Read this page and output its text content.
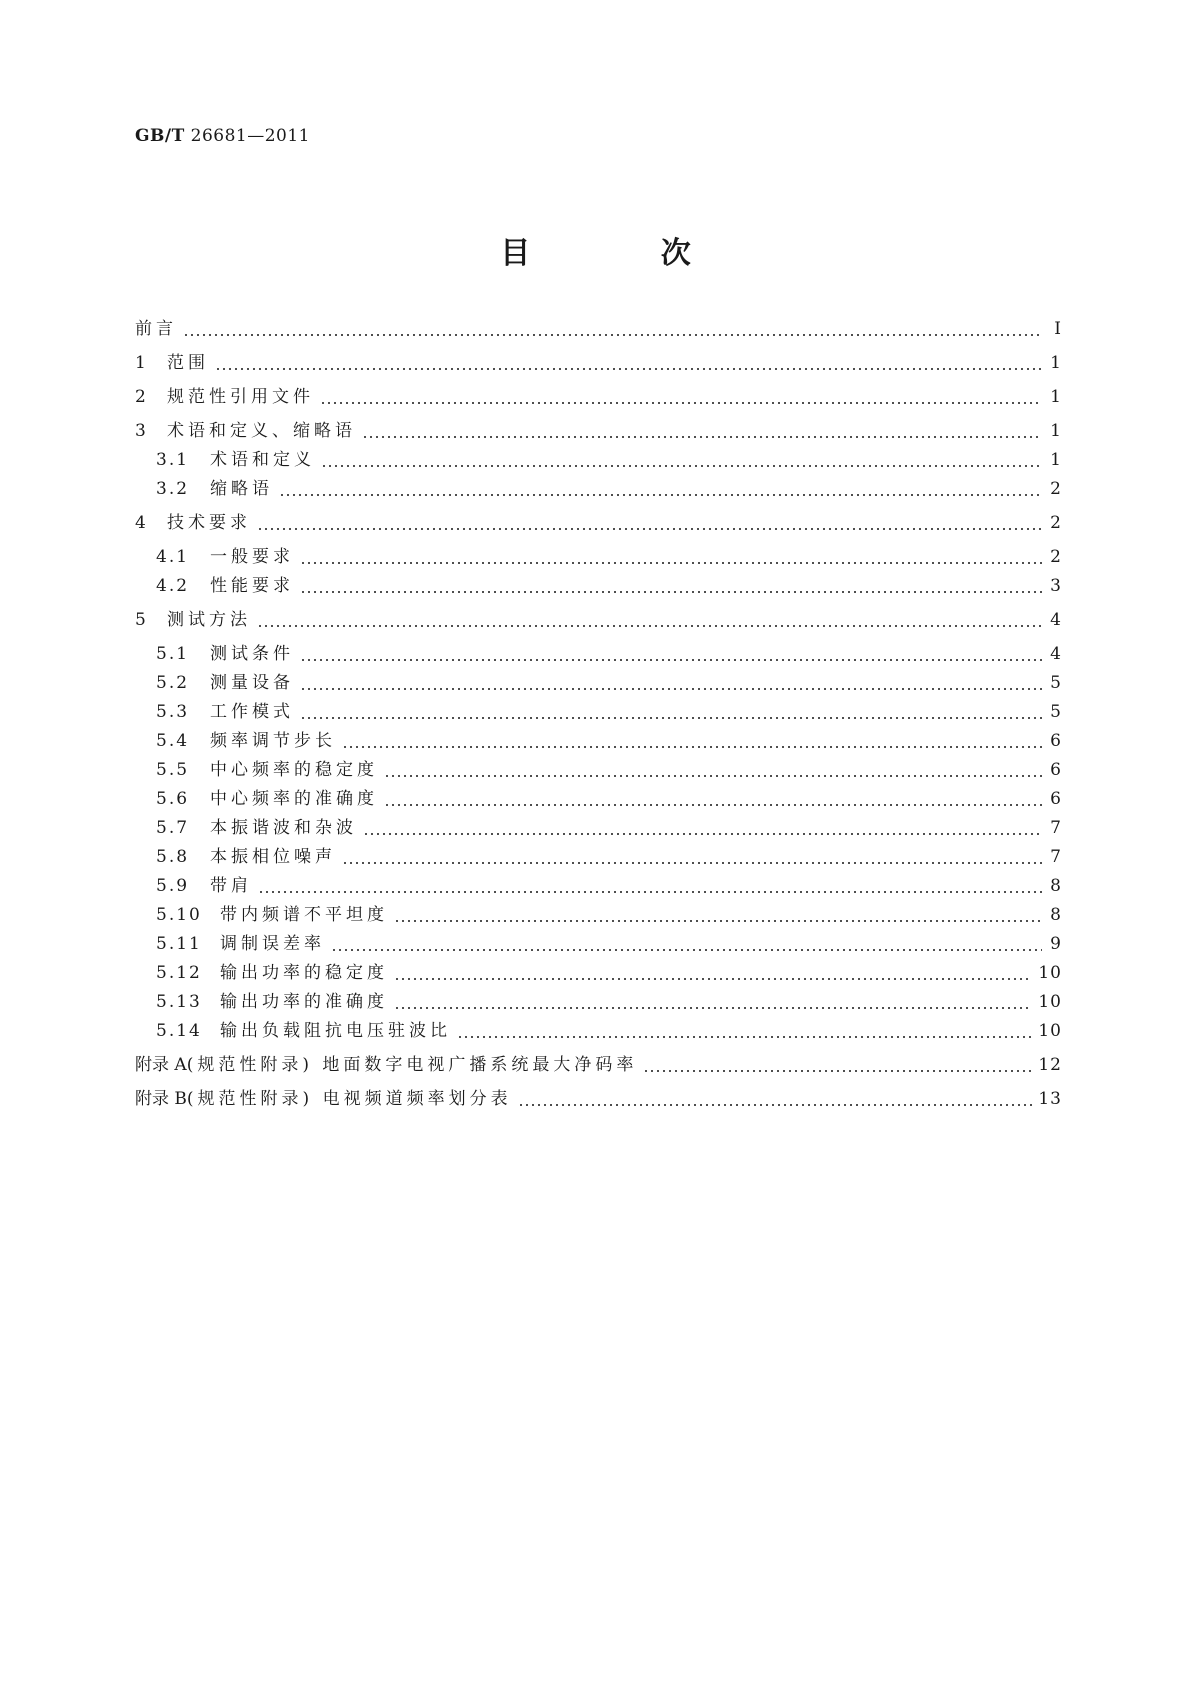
GB/T 26681—2011
目 次
前言	Ⅰ
1	范围	1
2	规范性引用文件	1
3	术语和定义、缩略语	1
3.1	术语和定义	1
3.2	缩略语	2
4	技术要求	2
4.1	一般要求	2
4.2	性能要求	3
5	测试方法	4
5.1	测试条件	4
5.2	测量设备	5
5.3	工作模式	5
5.4	频率调节步长	6
5.5	中心频率的稳定度	6
5.6	中心频率的准确度	6
5.7	本振谐波和杂波	7
5.8	本振相位噪声	7
5.9	带肩	8
5.10	带内频谱不平坦度	8
5.11	调制误差率	9
5.12	输出功率的稳定度	10
5.13	输出功率的准确度	10
5.14	输出负载阻抗电压驻波比	10
附录 A (规范性附录) 地面数字电视广播系统最大净码率	12
附录 B (规范性附录) 电视频道频率划分表	13
